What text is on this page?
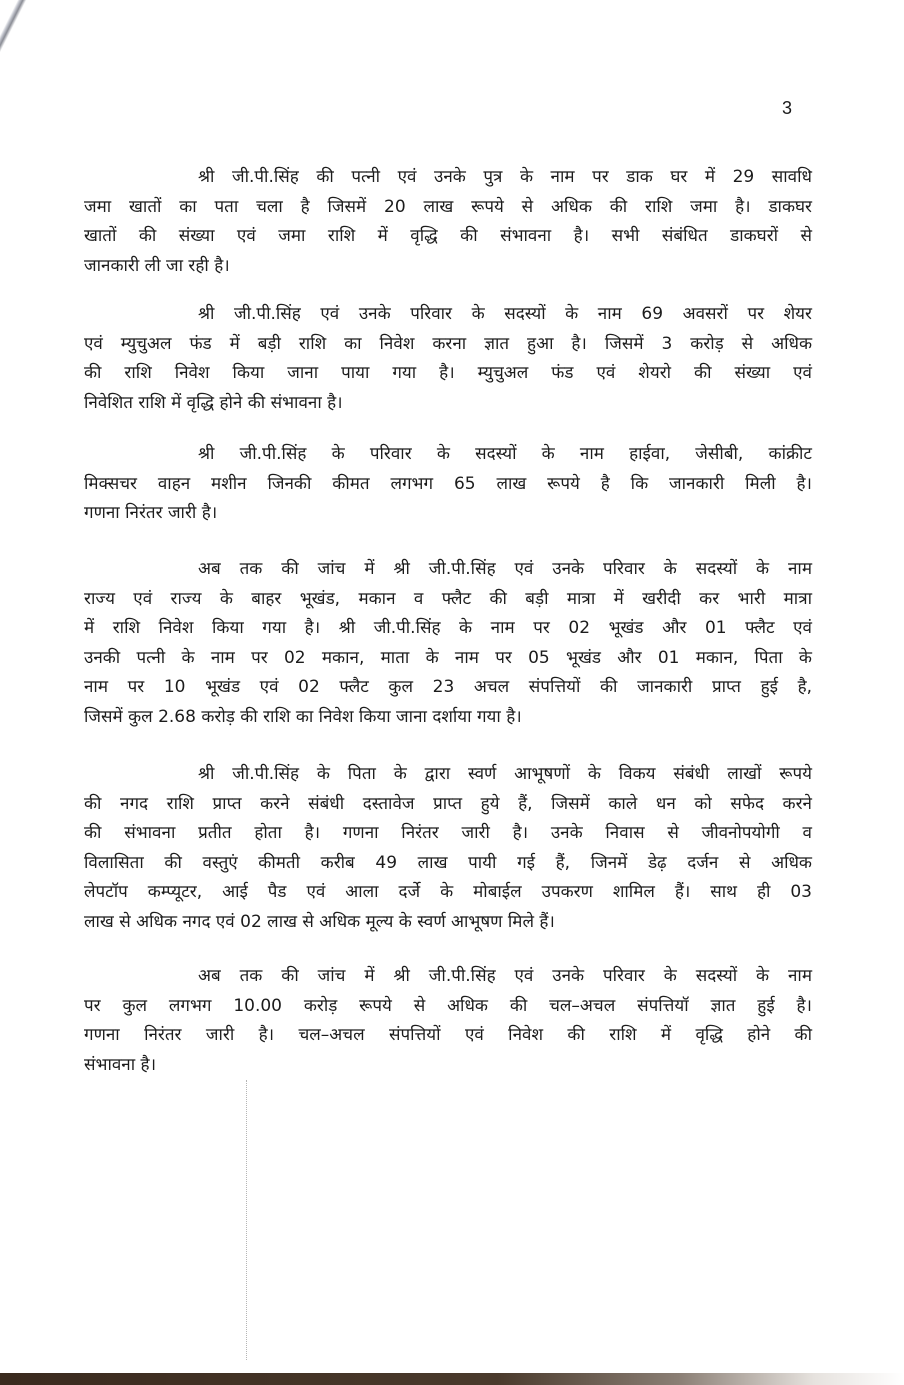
3
श्री जी.पी.सिंह की पत्नी एवं उनके पुत्र के नाम पर डाक घर में 29 सावधि
जमा खातों का पता चला है जिसमें 20 लाख रूपये से अधिक की राशि जमा है। डाकघर
खातों की संख्या एवं जमा राशि में वृद्धि की संभावना है। सभी संबंधित डाकघरों से
जानकारी ली जा रही है।
श्री जी.पी.सिंह एवं उनके परिवार के सदस्यों के नाम 69 अवसरों पर शेयर
एवं म्युचुअल फंड में बड़ी राशि का निवेश करना ज्ञात हुआ है। जिसमें 3 करोड़ से अधिक
की राशि निवेश किया जाना पाया गया है। म्युचुअल फंड एवं शेयरो की संख्या एवं
निवेशित राशि में वृद्धि होने की संभावना है।
श्री जी.पी.सिंह के परिवार के सदस्यों के नाम हाईवा, जेसीबी, कांक्रीट
मिक्सचर वाहन मशीन जिनकी कीमत लगभग 65 लाख रूपये है कि जानकारी मिली है।
गणना निरंतर जारी है।
अब तक की जांच में श्री जी.पी.सिंह एवं उनके परिवार के सदस्यों के नाम
राज्य एवं राज्य के बाहर भूखंड, मकान व फ्लैट की बड़ी मात्रा में खरीदी कर भारी मात्रा
में राशि निवेश किया गया है। श्री जी.पी.सिंह के नाम पर 02 भूखंड और 01 फ्लैट एवं
उनकी पत्नी के नाम पर 02 मकान, माता के नाम पर 05 भूखंड और 01 मकान, पिता के
नाम पर 10 भूखंड एवं 02 फ्लैट कुल 23 अचल संपत्तियों की जानकारी प्राप्त हुई है,
जिसमें कुल 2.68 करोड़ की राशि का निवेश किया जाना दर्शाया गया है।
श्री जी.पी.सिंह के पिता के द्वारा स्वर्ण आभूषणों के विकय संबंधी लाखों रूपये
की नगद राशि प्राप्त करने संबंधी दस्तावेज प्राप्त हुये हैं, जिसमें काले धन को सफेद करने
की संभावना प्रतीत होता है। गणना निरंतर जारी है। उनके निवास से जीवनोपयोगी व
विलासिता की वस्तुएं कीमती करीब 49 लाख पायी गई हैं, जिनमें डेढ़ दर्जन से अधिक
लेपटॉप कम्प्यूटर, आई पैड एवं आला दर्जे के मोबाईल उपकरण शामिल हैं। साथ ही 03
लाख से अधिक नगद एवं 02 लाख से अधिक मूल्य के स्वर्ण आभूषण मिले हैं।
अब तक की जांच में श्री जी.पी.सिंह एवं उनके परिवार के सदस्यों के नाम
पर कुल लगभग 10.00 करोड़ रूपये से अधिक की चल–अचल संपत्तियॉ ज्ञात हुई है।
गणना निरंतर जारी है। चल–अचल संपत्तियों एवं निवेश की राशि में वृद्धि होने की
संभावना है।
